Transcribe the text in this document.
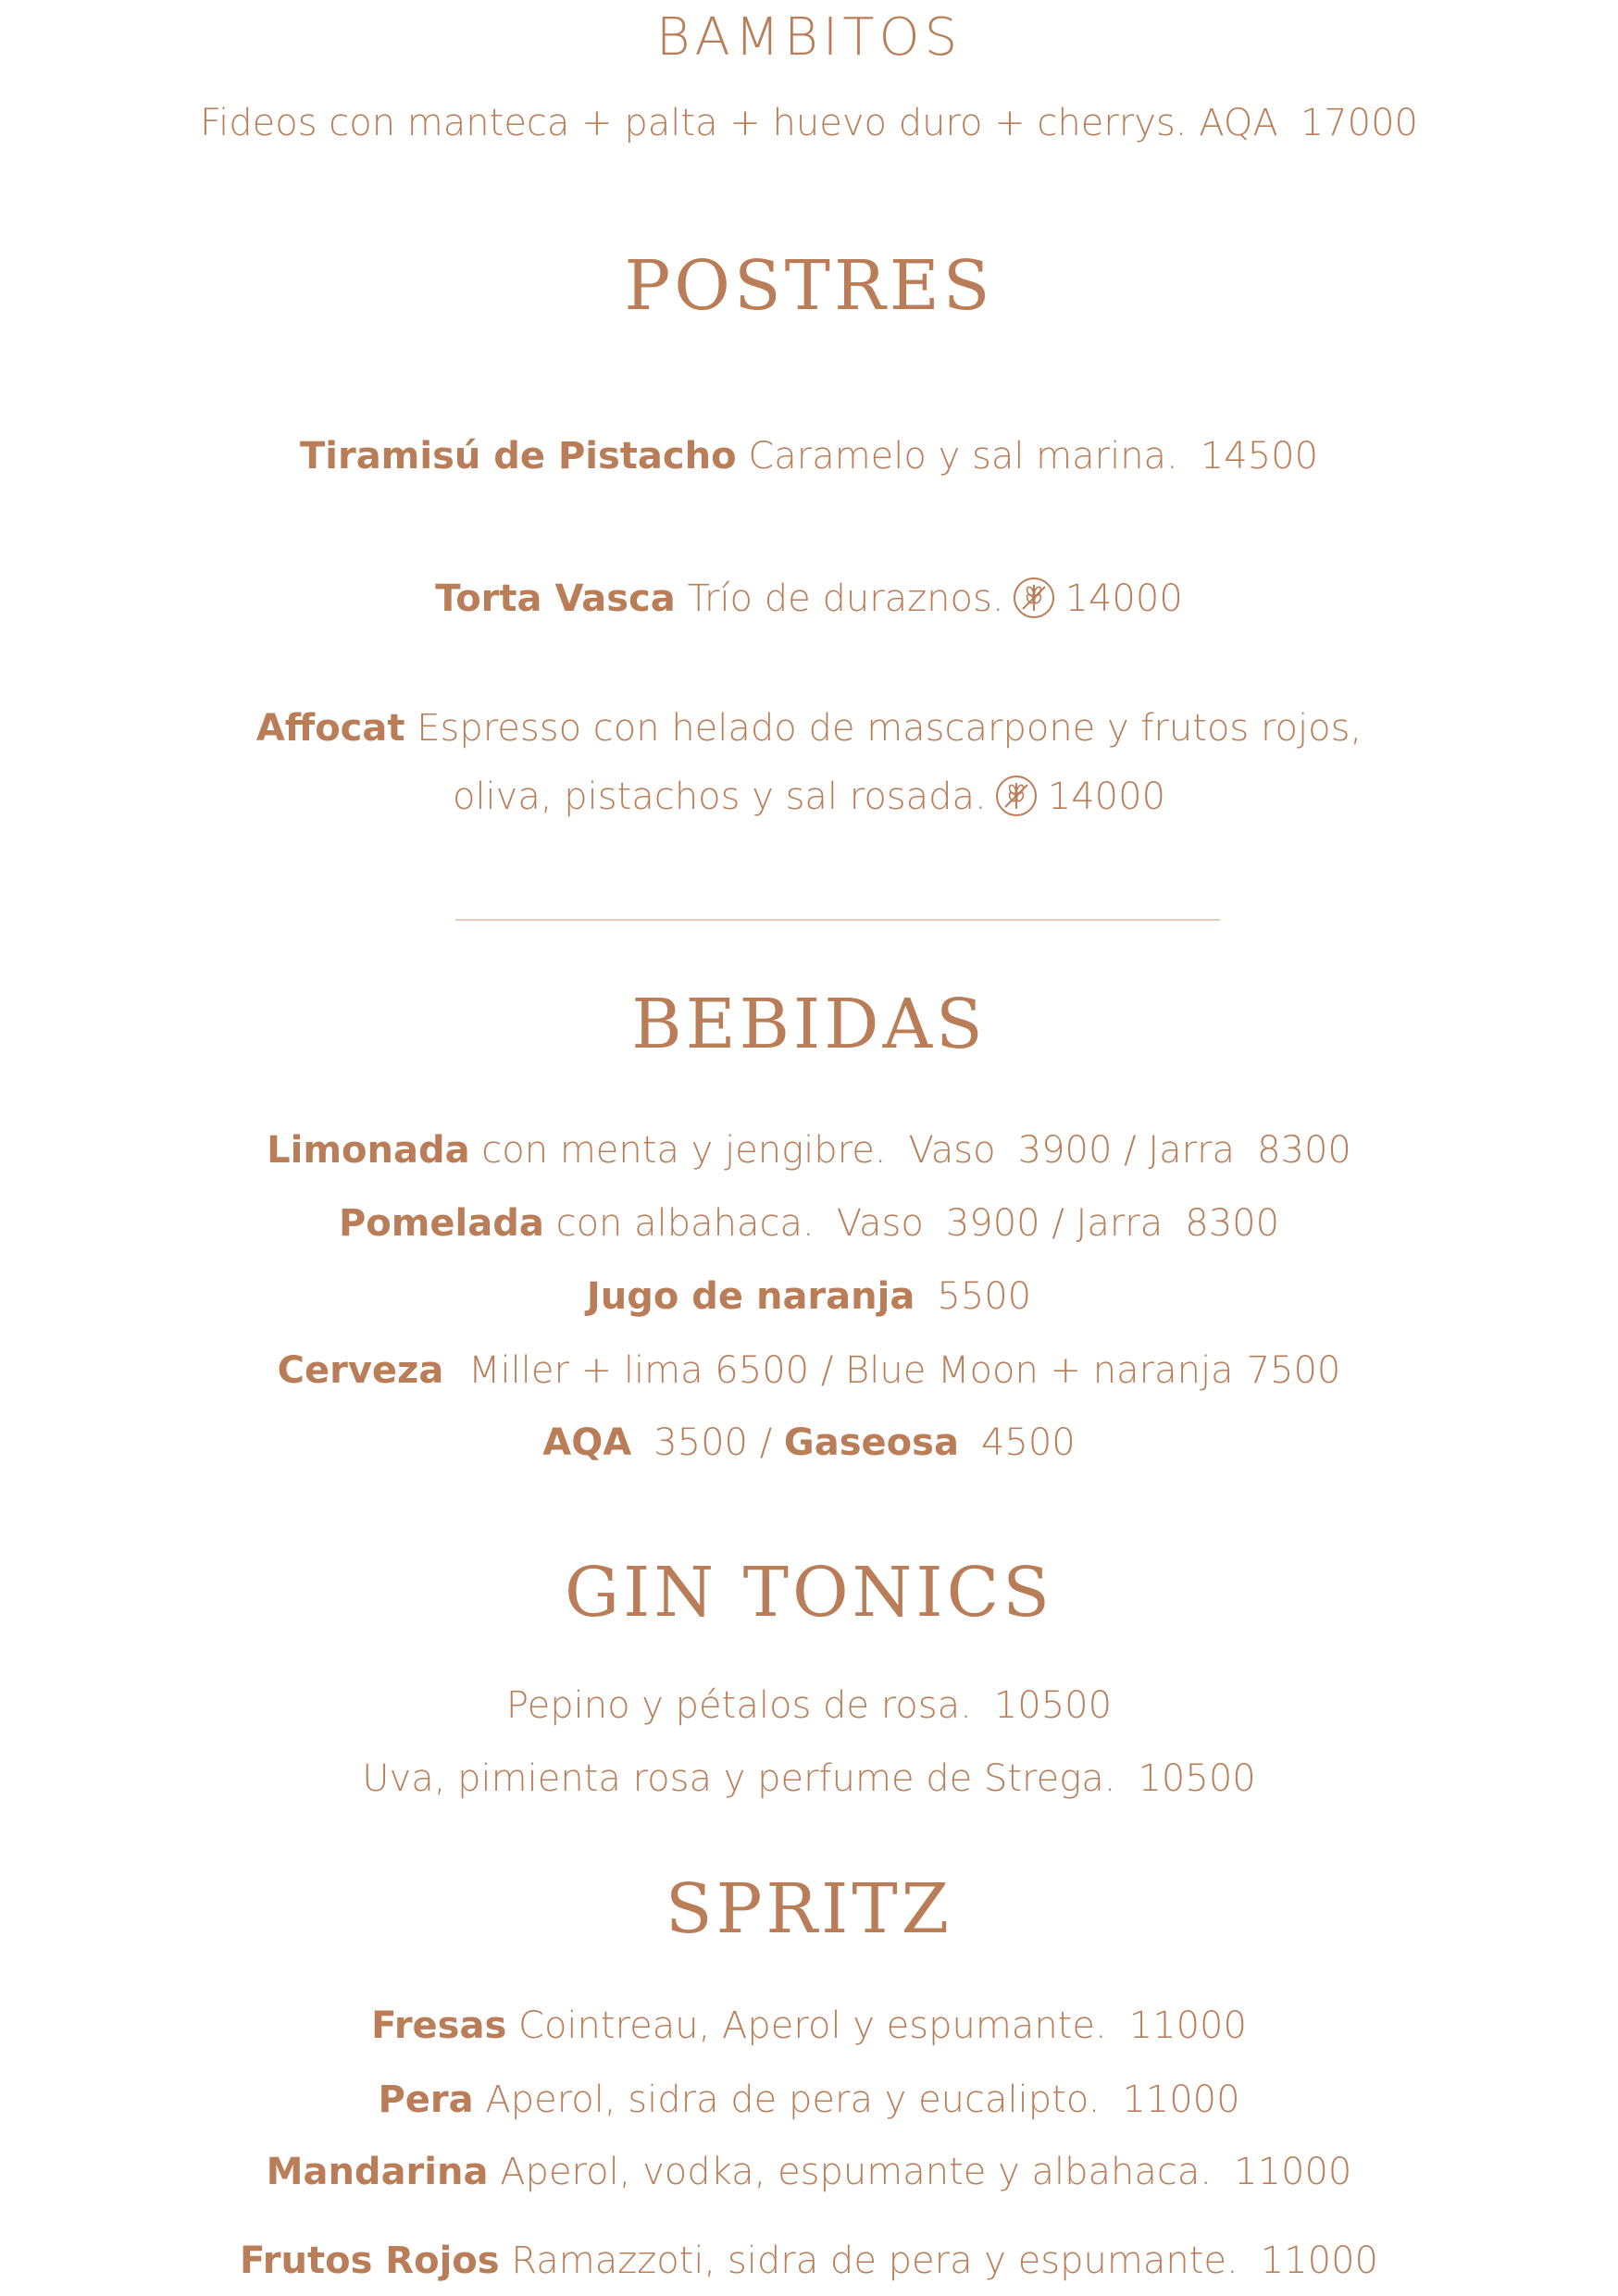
BAMBITOS
Fideos con manteca + palta + huevo duro + cherrys. AQA 17000
POSTRES
Tiramisú de Pistacho Caramelo y sal marina. 14500
Torta Vasca Trío de duraznos. 14000
Affocat Espresso con helado de mascarpone y frutos rojos,
oliva, pistachos y sal rosada. 14000
BEBIDAS
Limonada con menta y jengibre. Vaso 3900 / Jarra 8300
Pomelada con albahaca. Vaso 3900 / Jarra 8300
Jugo de naranja 5500
Cerveza Miller + lima 6500 / Blue Moon + naranja 7500
AQA 3500 / Gaseosa 4500
GIN TONICS
Pepino y pétalos de rosa. 10500
Uva, pimienta rosa y perfume de Strega. 10500
SPRITZ
Fresas Cointreau, Aperol y espumante. 11000
Pera Aperol, sidra de pera y eucalipto. 11000
Mandarina Aperol, vodka, espumante y albahaca. 11000
Frutos Rojos Ramazzoti, sidra de pera y espumante. 11000
